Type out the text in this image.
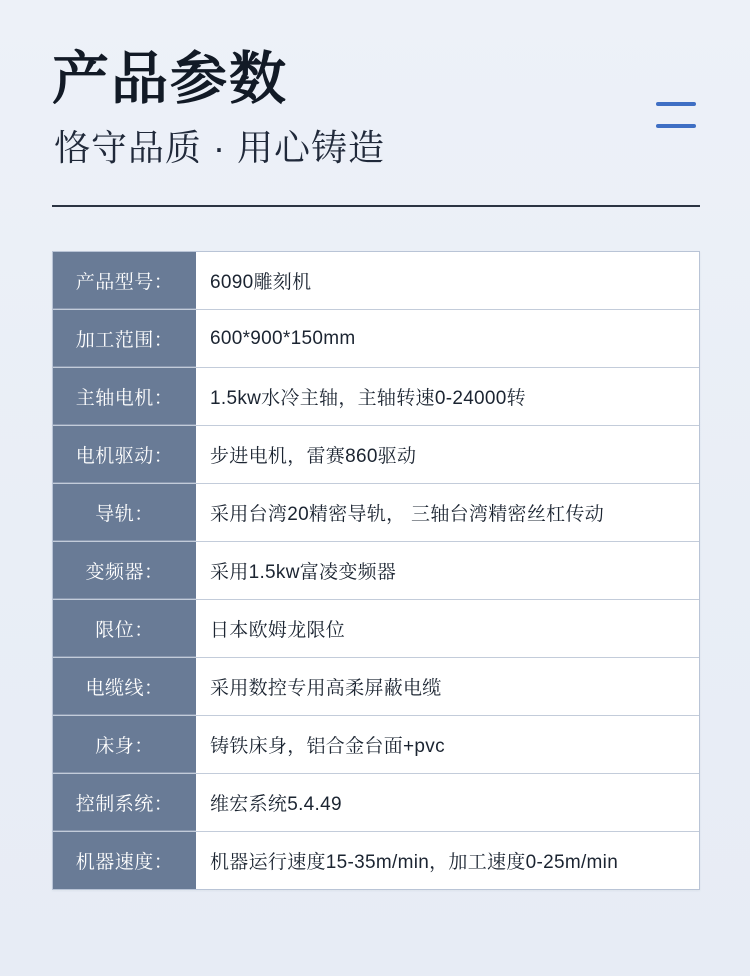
产品参数
恪守品质 · 用心铸造
产品型号：	6090雕刻机
加工范围：	600*900*150mm
主轴电机：	1.5kw水冷主轴，主轴转速0-24000转
电机驱动：	步进电机，雷赛860驱动
导轨：	采用台湾20精密导轨， 三轴台湾精密丝杠传动
变频器：	采用1.5kw富凌变频器
限位：	日本欧姆龙限位
电缆线：	采用数控专用高柔屏蔽电缆
床身：	铸铁床身，铝合金台面+pvc
控制系统：	维宏系统5.4.49
机器速度：	机器运行速度15-35m/min，加工速度0-25m/min
